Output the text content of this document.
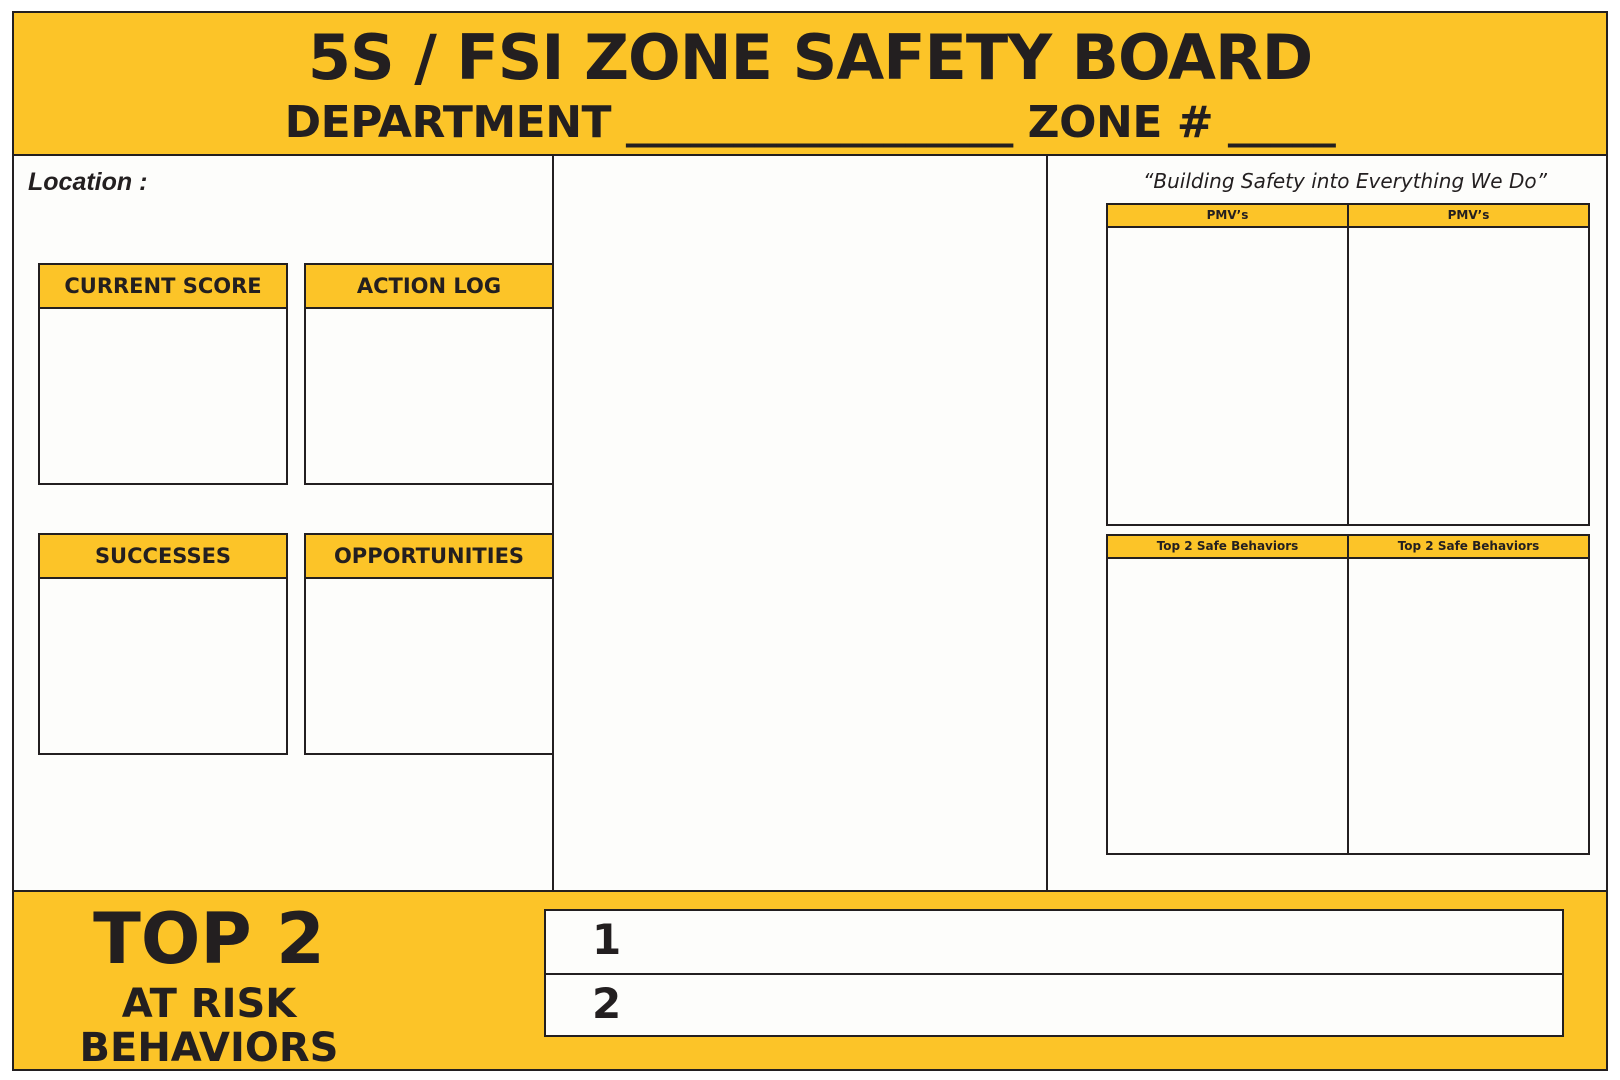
5S / FSI ZONE SAFETY BOARD
DEPARTMENT __________________ ZONE # _____
Location :
CURRENT SCORE	ACTION LOG
SUCCESSES	OPPORTUNITIES
“Building Safety into Everything We Do”
PMV’s	PMV’s
Top 2 Safe Behaviors	Top 2 Safe Behaviors
TOP 2
AT RISK
BEHAVIORS
1
2
